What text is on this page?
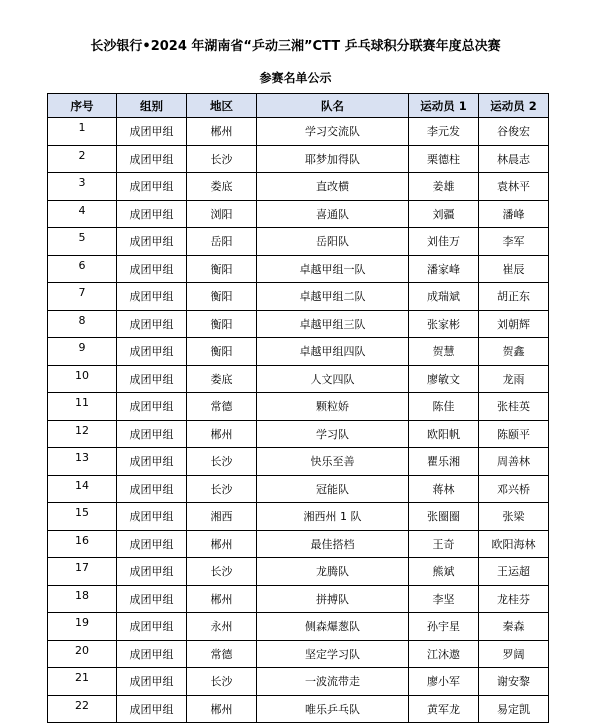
长沙银行•2024 年湖南省“乒动三湘”CTT 乒乓球积分联赛年度总决赛
参赛名单公示
序号	组别	地区	队名	运动员 1	运动员 2
1	成团甲组	郴州	学习交流队	李元发	谷俊宏
2	成团甲组	长沙	耶梦加得队	栗德柱	林晨志
3	成团甲组	娄底	直改横	姜雄	袁林平
4	成团甲组	浏阳	喜通队	刘疆	潘峰
5	成团甲组	岳阳	岳阳队	刘佳万	李军
6	成团甲组	衡阳	卓越甲组一队	潘家峰	崔辰
7	成团甲组	衡阳	卓越甲组二队	成瑞斌	胡正东
8	成团甲组	衡阳	卓越甲组三队	张家彬	刘朝辉
9	成团甲组	衡阳	卓越甲组四队	贺慧	贺鑫
10	成团甲组	娄底	人文四队	廖敏文	龙雨
11	成团甲组	常德	颗粒娇	陈佳	张桂英
12	成团甲组	郴州	学习队	欧阳帆	陈颐平
13	成团甲组	长沙	快乐至善	瞿乐湘	周善林
14	成团甲组	长沙	冠能队	蒋林	邓兴桥
15	成团甲组	湘西	湘西州 1 队	张圈圈	张梁
16	成团甲组	郴州	最佳搭档	王奇	欧阳海林
17	成团甲组	长沙	龙腾队	熊斌	王运超
18	成团甲组	郴州	拼搏队	李坚	龙桂芬
19	成团甲组	永州	侧森爆葱队	孙宇星	秦森
20	成团甲组	常德	坚定学习队	江沐遨	罗阔
21	成团甲组	长沙	一波流带走	廖小军	谢安黎
22	成团甲组	郴州	唯乐乒乓队	黄军龙	易定凯
